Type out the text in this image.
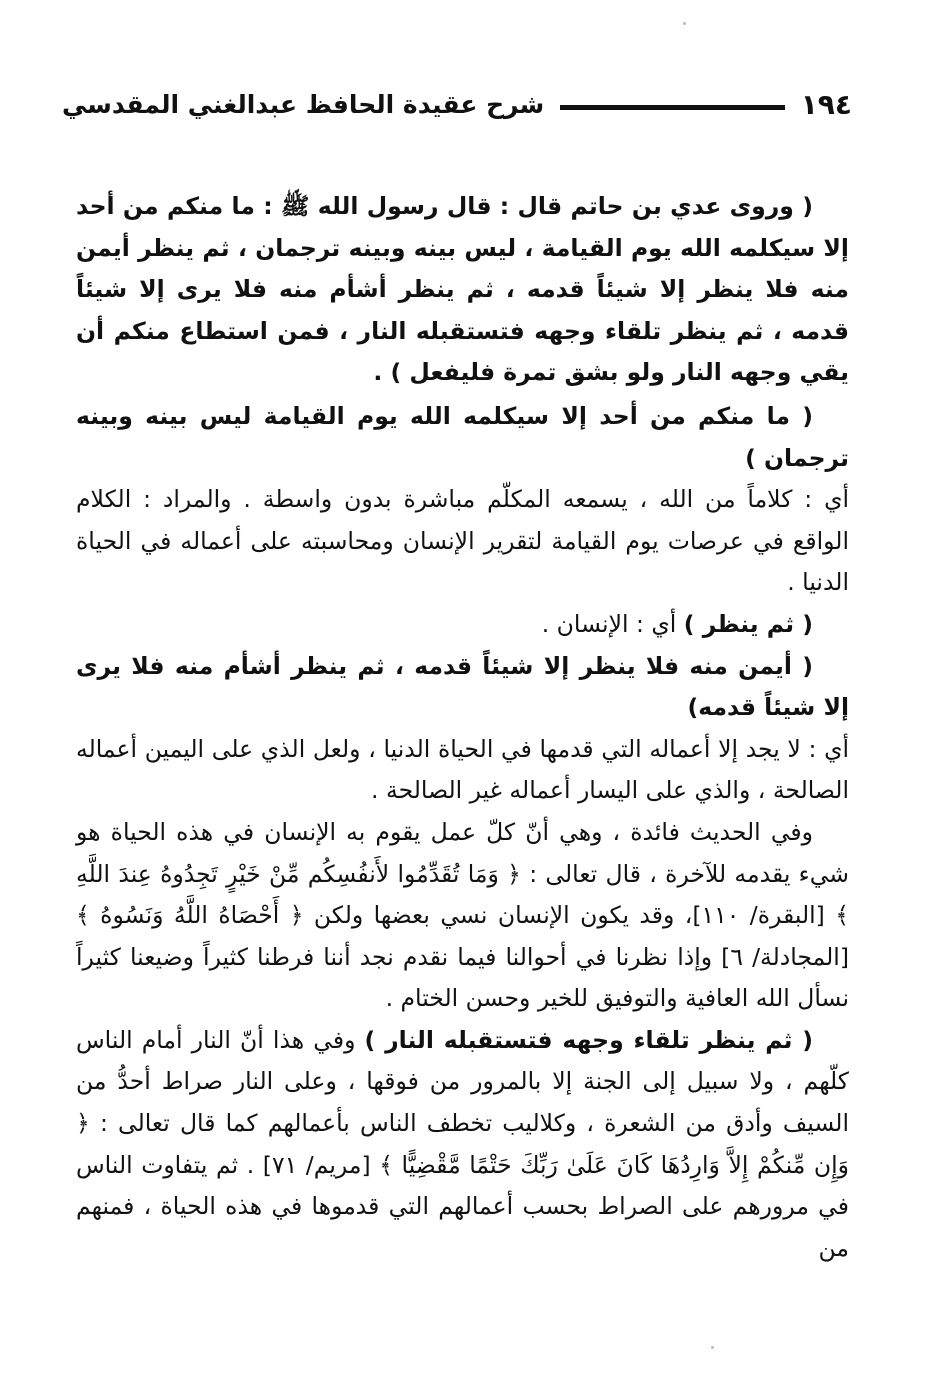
شرح عقيدة الحافظ عبدالغني المقدسي	١٩٤

( وروى عدي بن حاتم قال : قال رسول الله ﷺ : ما منكم من أحد إلا سيكلمه الله يوم القيامة ، ليس بينه وبينه ترجمان ، ثم ينظر أيمن منه فلا ينظر إلا شيئاً قدمه ، ثم ينظر أشأم منه فلا يرى إلا شيئاً قدمه ، ثم ينظر تلقاء وجهه فتستقبله النار ، فمن استطاع منكم أن يقي وجهه النار ولو بشق تمرة فليفعل ) .

( ما منكم من أحد إلا سيكلمه الله يوم القيامة ليس بينه وبينه ترجمان )

أي : كلاماً من الله ، يسمعه المكلّم مباشرة بدون واسطة . والمراد : الكلام الواقع في عرصات يوم القيامة لتقرير الإنسان ومحاسبته على أعماله في الحياة الدنيا .

( ثم ينظر ) أي : الإنسان .

( أيمن منه فلا ينظر إلا شيئاً قدمه ، ثم ينظر أشأم منه فلا يرى إلا شيئاً قدمه)

أي : لا يجد إلا أعماله التي قدمها في الحياة الدنيا ، ولعل الذي على اليمين أعماله الصالحة ، والذي على اليسار أعماله غير الصالحة .

وفي الحديث فائدة ، وهي أنّ كلّ عمل يقوم به الإنسان في هذه الحياة هو شيء يقدمه للآخرة ، قال تعالى : ﴿ وَمَا تُقَدِّمُوا لأَنفُسِكُم مِّنْ خَيْرٍ تَجِدُوهُ عِندَ اللَّهِ ﴾ [البقرة/ ١١٠]، وقد يكون الإنسان نسي بعضها ولكن ﴿ أَحْصَاهُ اللَّهُ وَنَسُوهُ ﴾ [المجادلة/ ٦] وإذا نظرنا في أحوالنا فيما نقدم نجد أننا فرطنا كثيراً وضيعنا كثيراً نسأل الله العافية والتوفيق للخير وحسن الختام .

( ثم ينظر تلقاء وجهه فتستقبله النار ) وفي هذا أنّ النار أمام الناس كلّهم ، ولا سبيل إلى الجنة إلا بالمرور من فوقها ، وعلى النار صراط أحدُّ من السيف وأدق من الشعرة ، وكلاليب تخطف الناس بأعمالهم كما قال تعالى : ﴿ وَإِن مِّنكُمْ إِلاَّ وَارِدُهَا كَانَ عَلَىٰ رَبِّكَ حَتْمًا مَّقْضِيًّا ﴾ [مريم/ ٧١] . ثم يتفاوت الناس في مرورهم على الصراط بحسب أعمالهم التي قدموها في هذه الحياة ، فمنهم من
